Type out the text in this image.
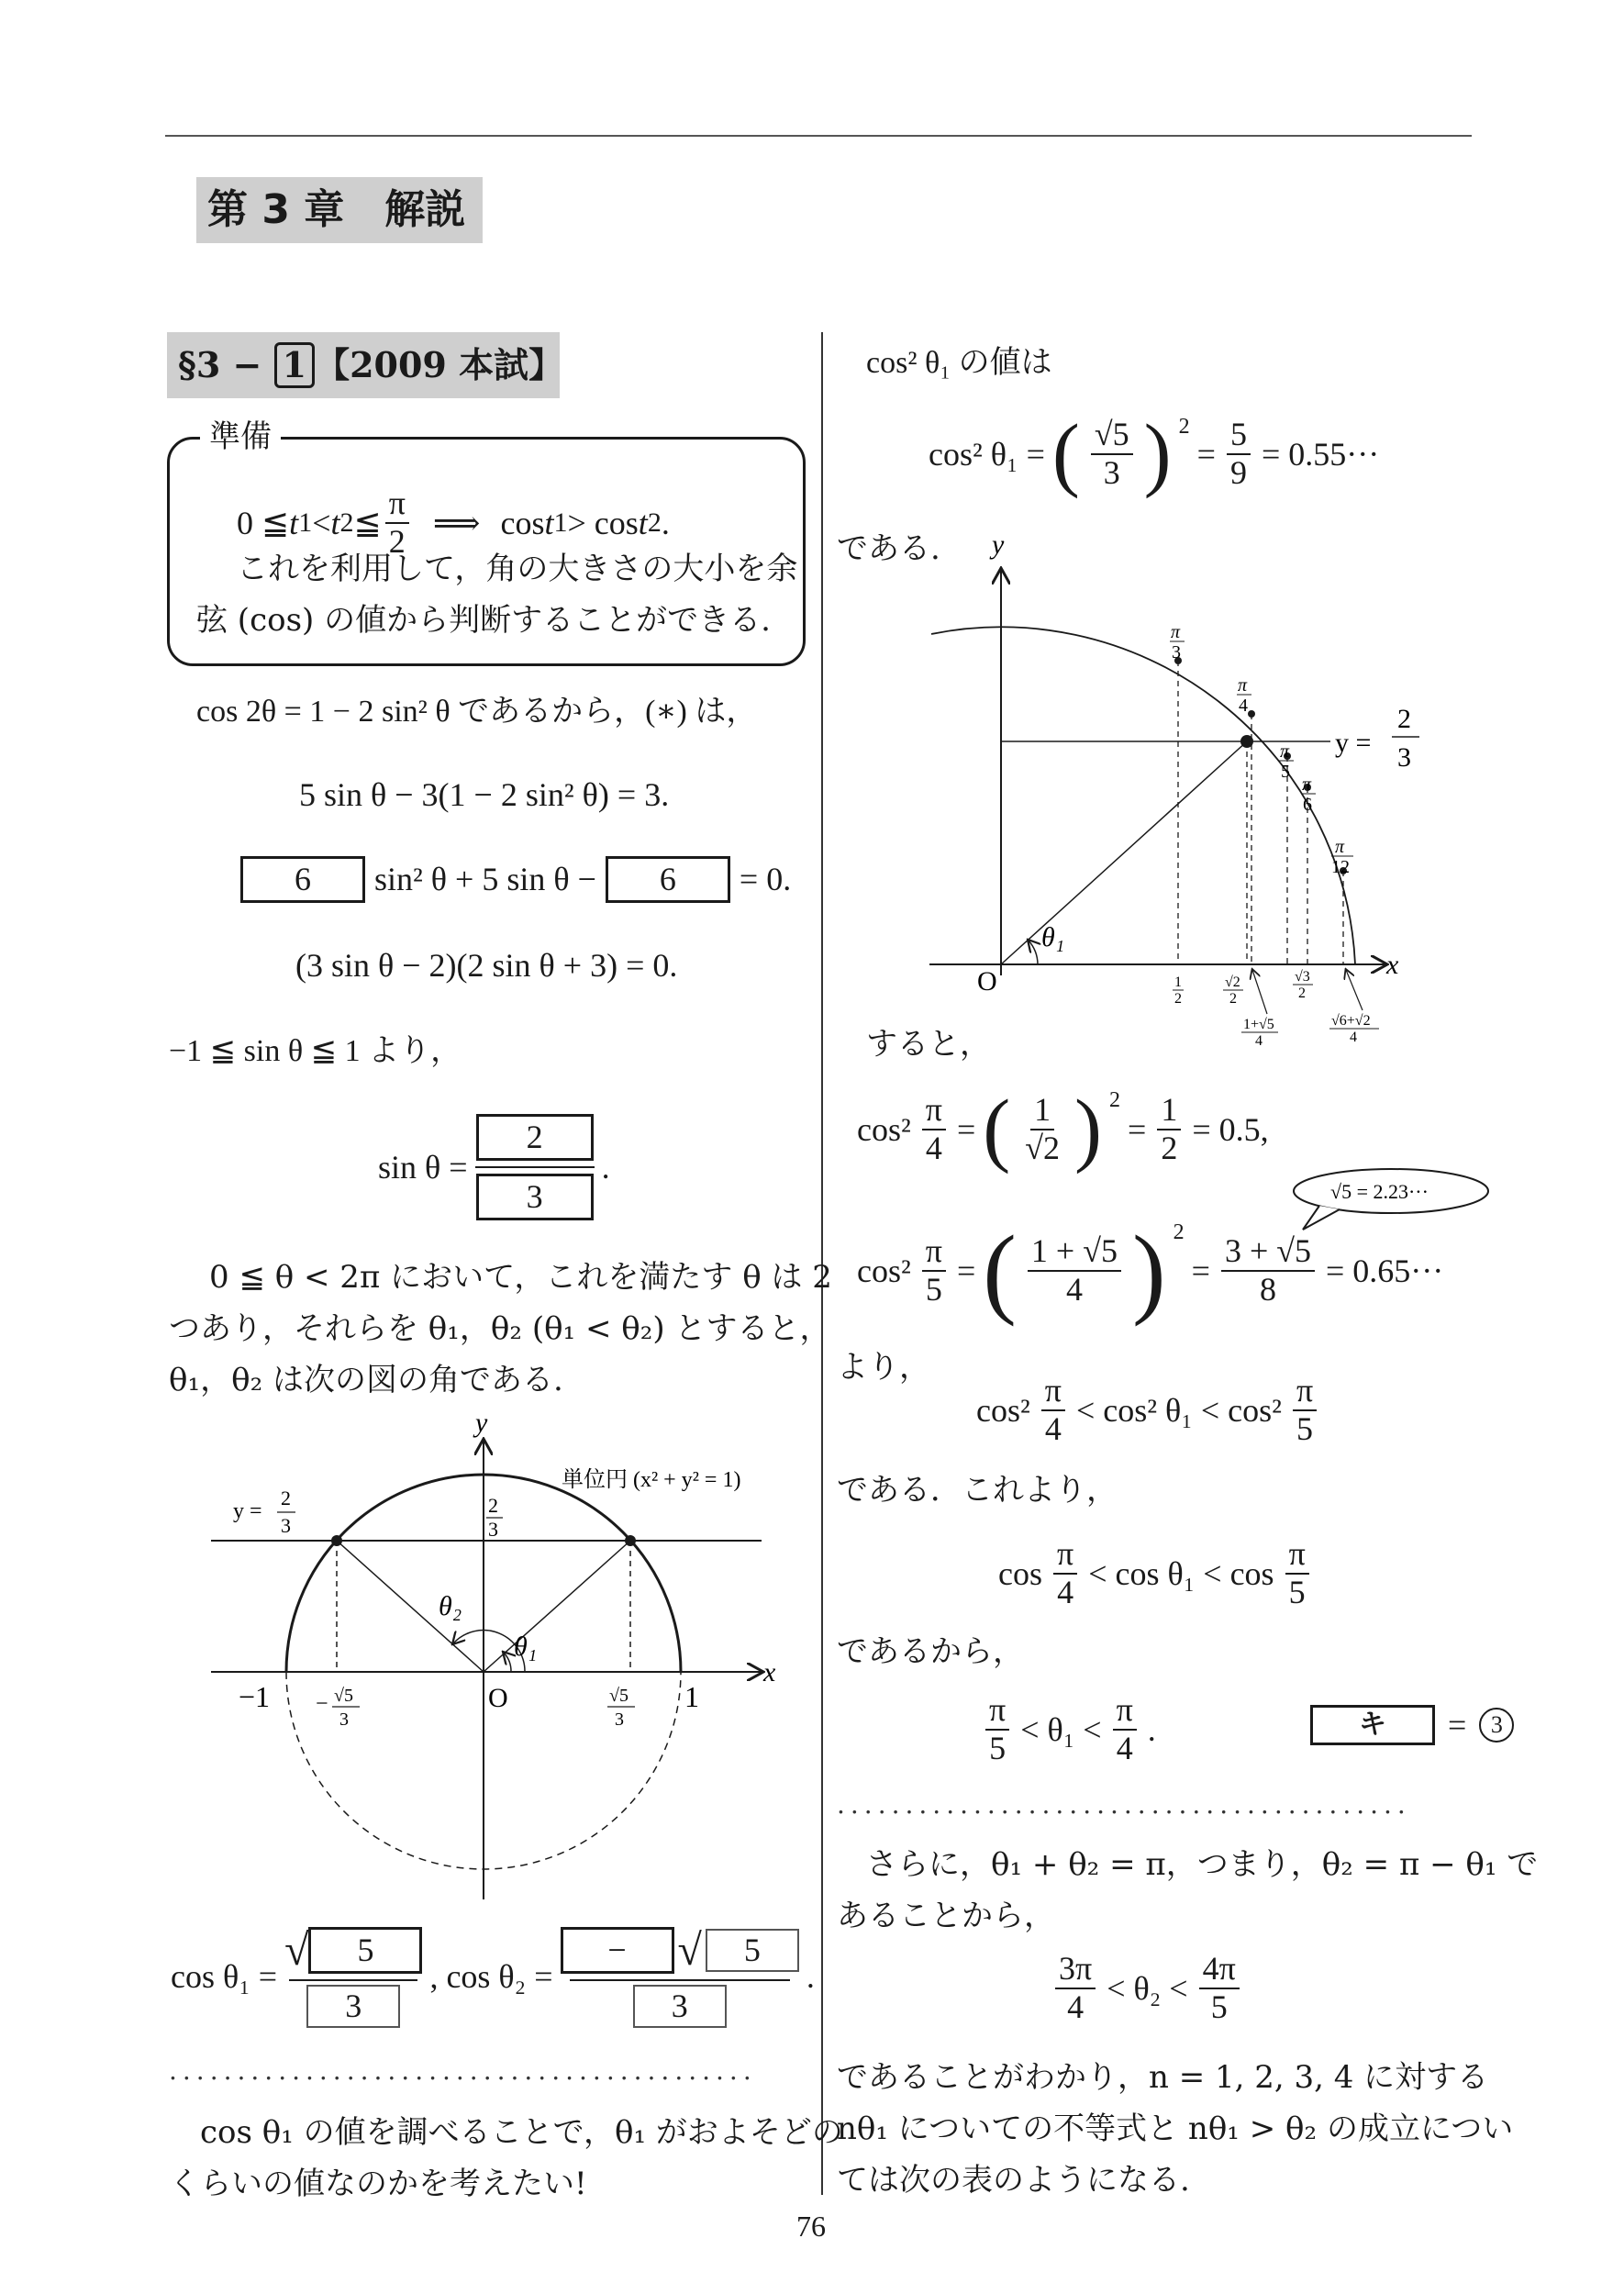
第 3 章　解説
§3 − 1 【2009 本試】
準備
0 ≦ t 1 < t 2 ≦ $\frac{\pi}{2}$ ⟹ cos t 1 > cos t 2 .
これを利用して，角の大きさの大小を余
弦 (cos) の値から判断することができる.
cos 2θ = 1 − 2 sin² θ であるから，(∗) は，
5 sin θ − 3(1 − 2 sin² θ) = 3.
6	sin² θ + 5 sin θ −	6	= 0.
(3 sin θ − 2)(2 sin θ + 3) = 0.
−1 ≦ sin θ ≦ 1 より，
$\sin \theta = \frac{2}{3}$ .
0 ≦ θ < 2π において，これを満たす θ は 2
つあり，それらを θ₁，θ₂ (θ₁ < θ₂) とすると，
θ₁，θ₂ は次の図の角である.
y
x
O
−1	1
単位円 (x² + y² = 1)
y =
2
3
2
3
− √5
3
√5
3
θ₁
θ₂
cos θ₁ = √	5
3 , cos θ₂ = −	√	5
3 .
...........................................
cos θ₁ の値を調べることで，θ₁ がおよそどの
くらいの値なのかを考えたい!
cos² θ₁ の値は
cos² θ₁ = ( $\frac{√5}{3}$ ) $^2$
= $\frac{5}{9} = 0.55\cdot\cdot\cdot$
である. y
x
O
θ₁
y =
2
3
π
3
π
4
π
5
π
6
π
12
1
2
√2
2
√3
2
1+√5
4
√6+√2
4
すると，
$\cos^2 \frac{\pi}{4}$ = ( $\frac{1}{√2}$ ) $^2$
= $\frac{1}{2} = 0.5$,
√5 = 2.23···
$\cos^2 \frac{\pi}{5}$ = ( $\frac{1 + √5}{4}$ ) $^2$
= $\frac{3 + √5}{8} = 0.65\cdot\cdot\cdot$
より，
$\cos^2 \frac{\pi}{4} < \cos^2$ $\theta_1 < \cos^2 \frac{\pi}{5}$
である．これより，
$\cos \frac{\pi}{4} < \cos \theta_1 < \cos \frac{\pi}{5}$
であるから，
$\frac{\pi}{5} < \theta_1 < \frac{\pi}{4}$ .	キ	=	3
..........................................
さらに，θ₁ + θ₂ = π，つまり，θ₂ = π − θ₁ で
あることから，
$\frac{3\pi}{4} < \theta_2 < \frac{4\pi}{5}$
であることがわかり，n = 1, 2, 3, 4 に対する
nθ₁ についての不等式と nθ₁ > θ₂ の成立につい
ては次の表のようになる.
76
